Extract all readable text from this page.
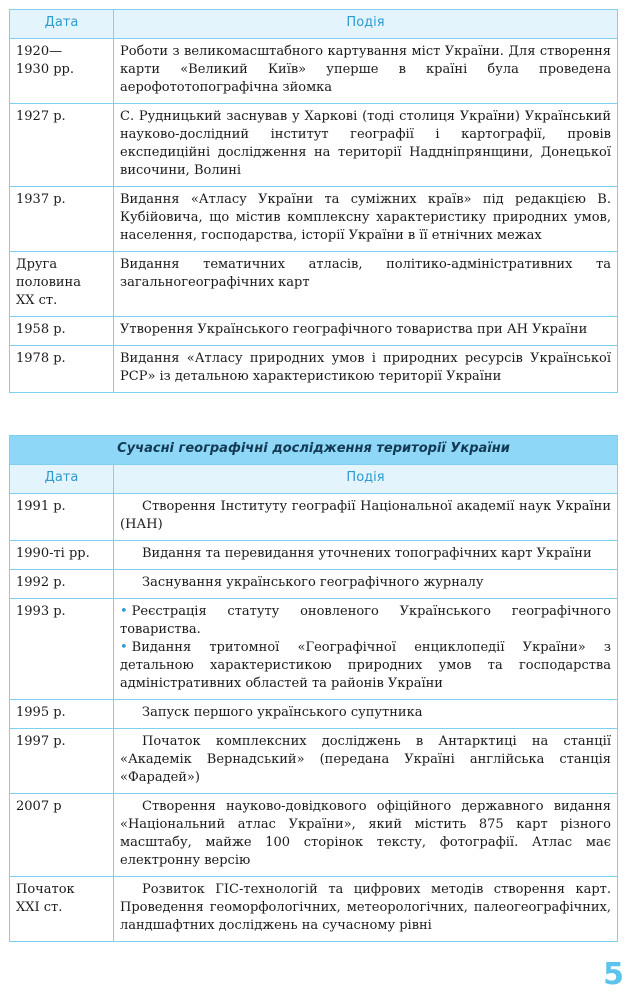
Дата	Подія
1920—
1930 рр.	Роботи з великомасштабного картування міст України. Для створення карти «Великий Київ» уперше в країні була проведена аерофототопографічна зйомка

1927 р.	С. Рудницький заснував у Харкові (тоді столиця України) Український науково-дослідний інститут географії і картографії, провів експедиційні дослідження на території Наддніпрянщини, Донецької височини, Волині

1937 р.	Видання «Атласу України та суміжних країв» під редакцією В. Кубійовича, що містив комплексну характеристику природних умов, населення, господарства, історії України в її етнічних межах

Друга
половина
XX ст.	Видання тематичних атласів, політико-адміністративних та загальногеографічних карт

1958 р.	Утворення Українського географічного товариства при АН України

1978 р.	Видання «Атласу природних умов і природних ресурсів Української РСР» із детальною характеристикою території України
Сучасні географічні дослідження території України	
Дата	Подія
1991 р.	Створення Інституту географії Національної академії наук України (НАН)

1990-ті рр.	Видання та перевидання уточнених топографічних карт України

1992 р.	Заснування українського географічного журналу

1993 р.	• Реєстрація статуту оновленого Українського географічного товариства.
• Видання тритомної «Географічної енциклопедії України» з детальною характеристикою природних умов та господарства адміністративних областей та районів України

1995 р.	Запуск першого українського супутника

1997 р.	Початок комплексних досліджень в Антарктиці на станції «Академік Вернадський» (передана Україні англійська станція «Фарадей»)

2007 р	Створення науково-довідкового офіційного державного видання «Національний атлас України», який містить 875 карт різного масштабу, майже 100 сторінок тексту, фотографії. Атлас має електронну версію

Початок
XXI ст.	Розвиток ГІС-технологій та цифрових методів створення карт. Проведення геоморфологічних, метеорологічних, палеогеографічних, ландшафтних досліджень на сучасному рівні
5
